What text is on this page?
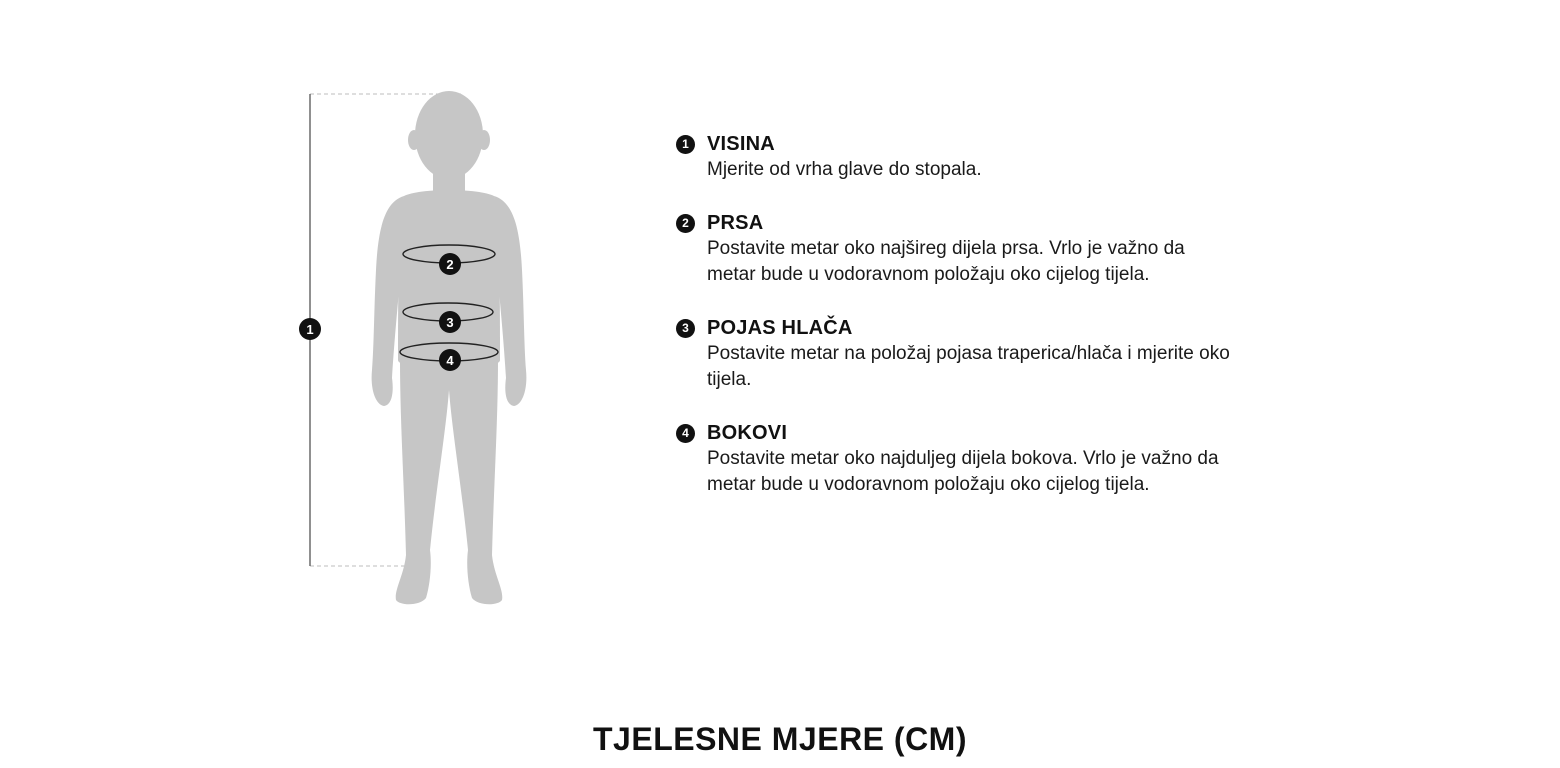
1
2
3
4
1 VISINA
Mjerite od vrha glave do stopala.
2 PRSA
Postavite metar oko najšireg dijela prsa. Vrlo je važno da metar bude u vodoravnom položaju oko cijelog tijela.
3 POJAS HLAČA
Postavite metar na položaj pojasa traperica/hlača i mjerite oko tijela.
4 BOKOVI
Postavite metar oko najduljeg dijela bokova. Vrlo je važno da metar bude u vodoravnom položaju oko cijelog tijela.
TJELESNE MJERE (CM)
